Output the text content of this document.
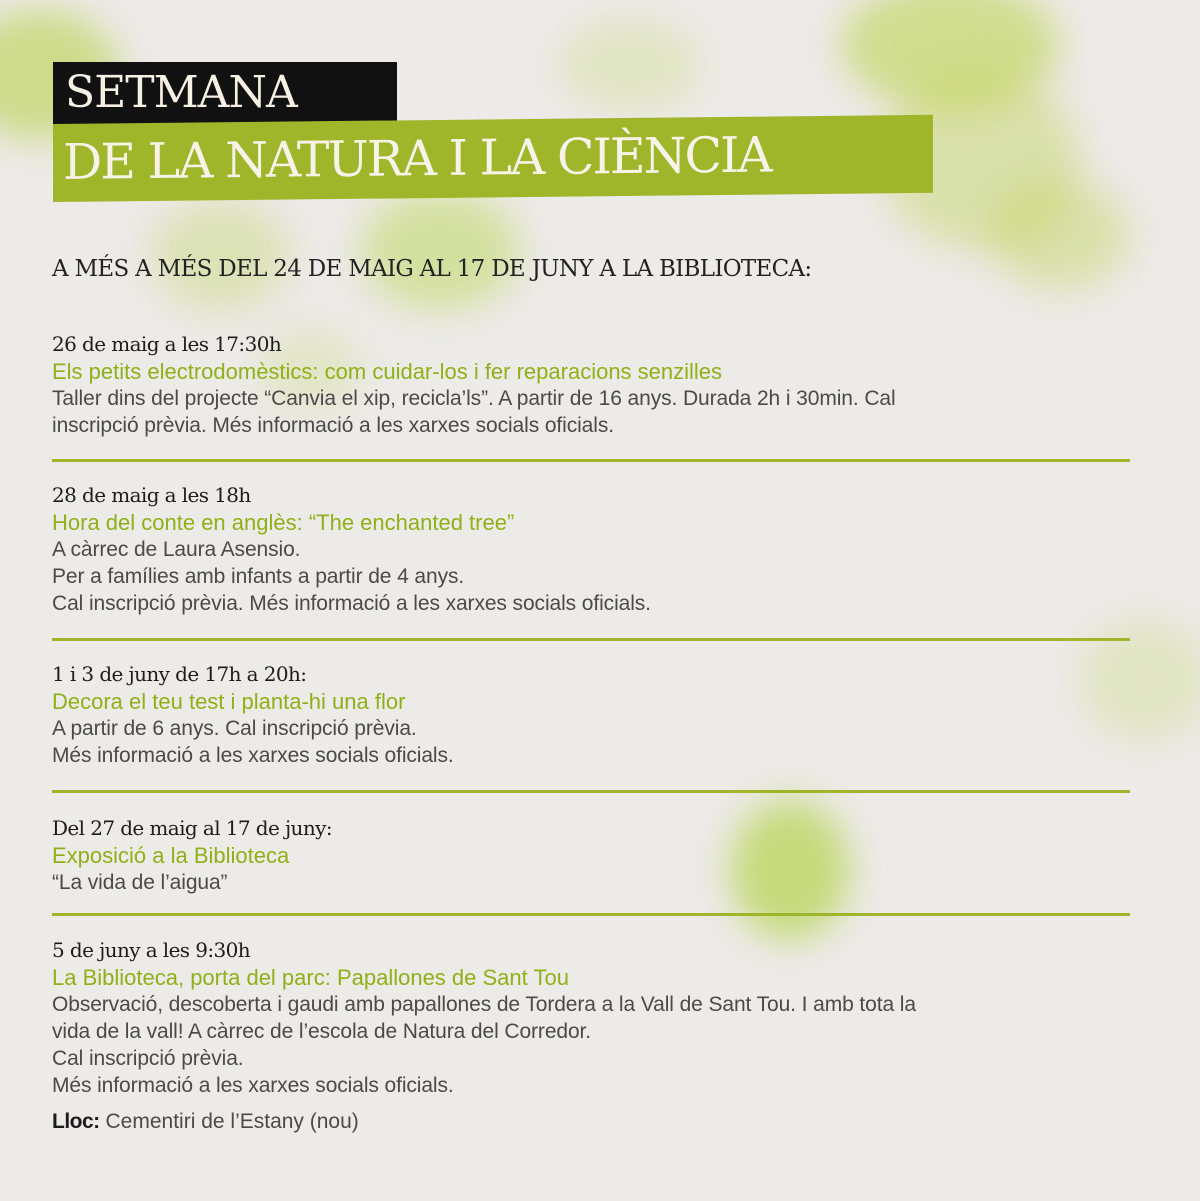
SETMANA
DE LA NATURA I LA CIÈNCIA
A MÉS A MÉS DEL 24 DE MAIG AL 17 DE JUNY A LA BIBLIOTECA:
26 de maig a les 17:30h
Els petits electrodomèstics: com cuidar-los i fer reparacions senzilles

Taller dins del projecte “Canvia el xip, recicla’ls”. A partir de 16 anys. Durada 2h i 30min. Cal

inscripció prèvia. Més informació a les xarxes socials oficials.

28 de maig a les 18h
Hora del conte en anglès: “The enchanted tree”

A càrrec de Laura Asensio.

Per a famílies amb infants a partir de 4 anys.

Cal inscripció prèvia. Més informació a les xarxes socials oficials.

1 i 3 de juny de 17h a 20h:
Decora el teu test i planta-hi una flor

A partir de 6 anys. Cal inscripció prèvia.

Més informació a les xarxes socials oficials.

Del 27 de maig al 17 de juny:
Exposició a la Biblioteca

“La vida de l’aigua”

5 de juny a les 9:30h
La Biblioteca, porta del parc: Papallones de Sant Tou

Observació, descoberta i gaudi amb papallones de Tordera a la Vall de Sant Tou. I amb tota la

vida de la vall! A càrrec de l’escola de Natura del Corredor.

Cal inscripció prèvia.

Més informació a les xarxes socials oficials.

Lloc: Cementiri de l’Estany (nou)
